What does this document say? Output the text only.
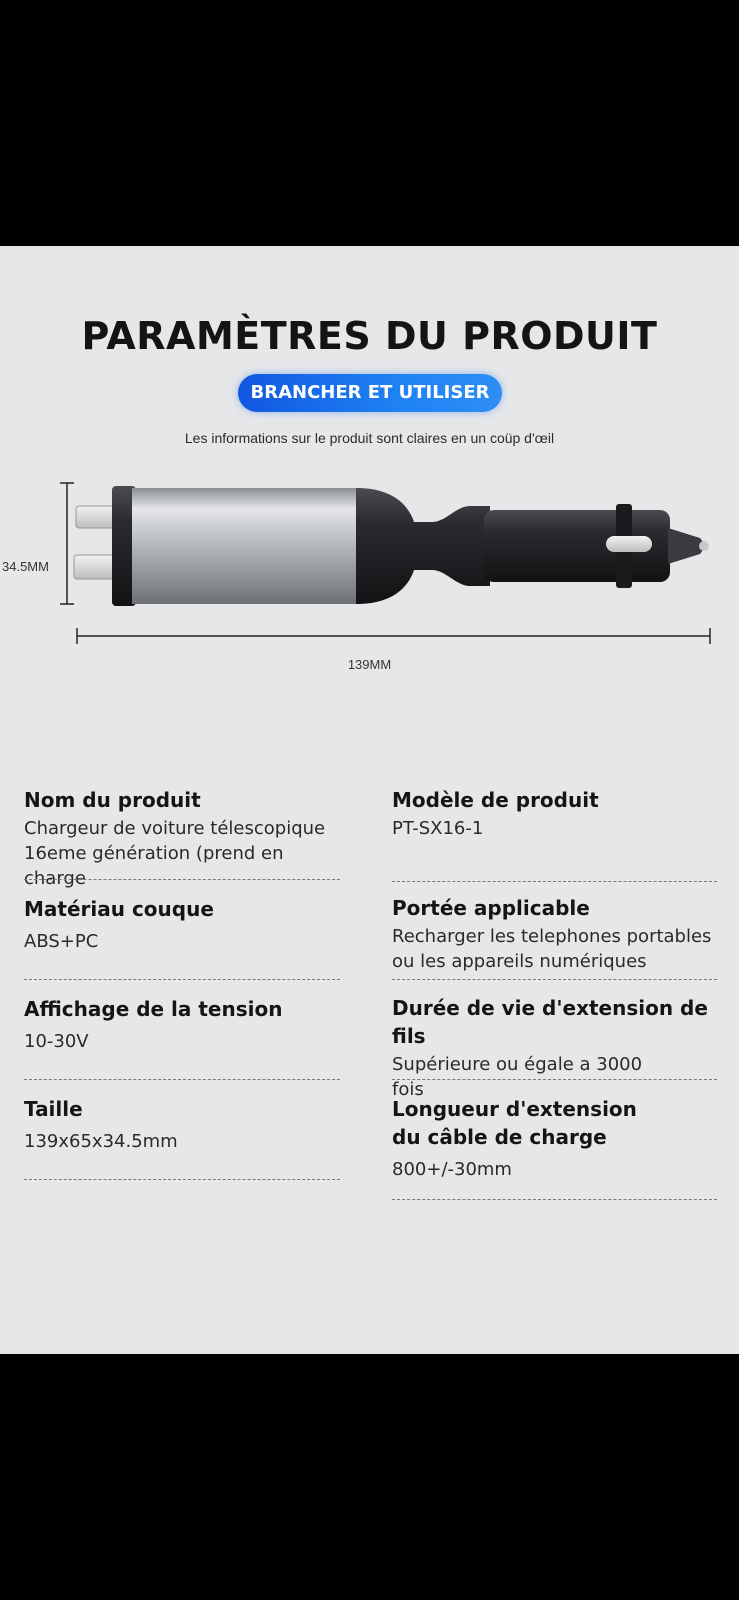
PARAMÈTRES DU PRODUIT
BRANCHER ET UTILISER
Les informations sur le produit sont claires en un coüp d'œil
34.5MM
139MM
Nom du produit
Chargeur de voiture télescopique 16eme génération (prend en charge
Matériau couque
ABS+PC
Affichage de la tension
10-30V
Taille
139x65x34.5mm
Modèle de produit
PT-SX16-1
Portée applicable
Recharger les telephones portables ou les appareils numériques
Durée de vie d'extension de fils
Supérieure ou égale a 3000 fois
Longueur d'extension du câble de charge
800+/-30mm
